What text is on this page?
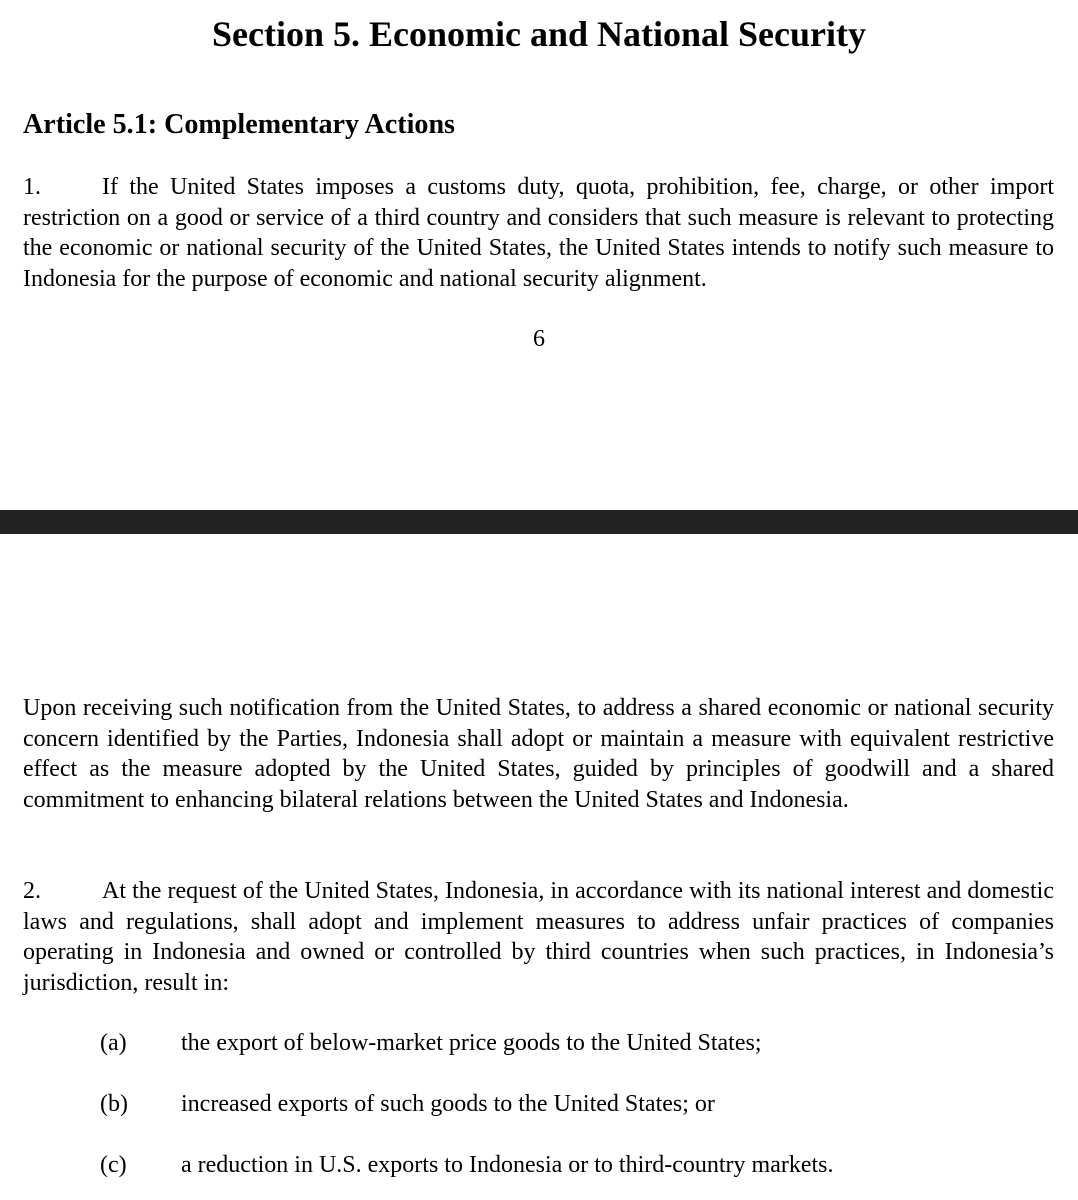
Section 5. Economic and National Security
Article 5.1: Complementary Actions

1.	If the United States imposes a customs duty, quota, prohibition, fee, charge, or other import restriction on a good or service of a third country and considers that such measure is relevant to protecting the economic or national security of the United States, the United States intends to notify such measure to Indonesia for the purpose of economic and national security alignment.

6

Upon receiving such notification from the United States, to address a shared economic or national security concern identified by the Parties, Indonesia shall adopt or maintain a measure with equivalent restrictive effect as the measure adopted by the United States, guided by principles of goodwill and a shared commitment to enhancing bilateral relations between the United States and Indonesia.

2.	At the request of the United States, Indonesia, in accordance with its national interest and domestic laws and regulations, shall adopt and implement measures to address unfair practices of companies operating in Indonesia and owned or controlled by third countries when such practices, in Indonesia’s jurisdiction, result in:

(a) the export of below-market price goods to the United States;

(b) increased exports of such goods to the United States; or

(c) a reduction in U.S. exports to Indonesia or to third-country markets.
